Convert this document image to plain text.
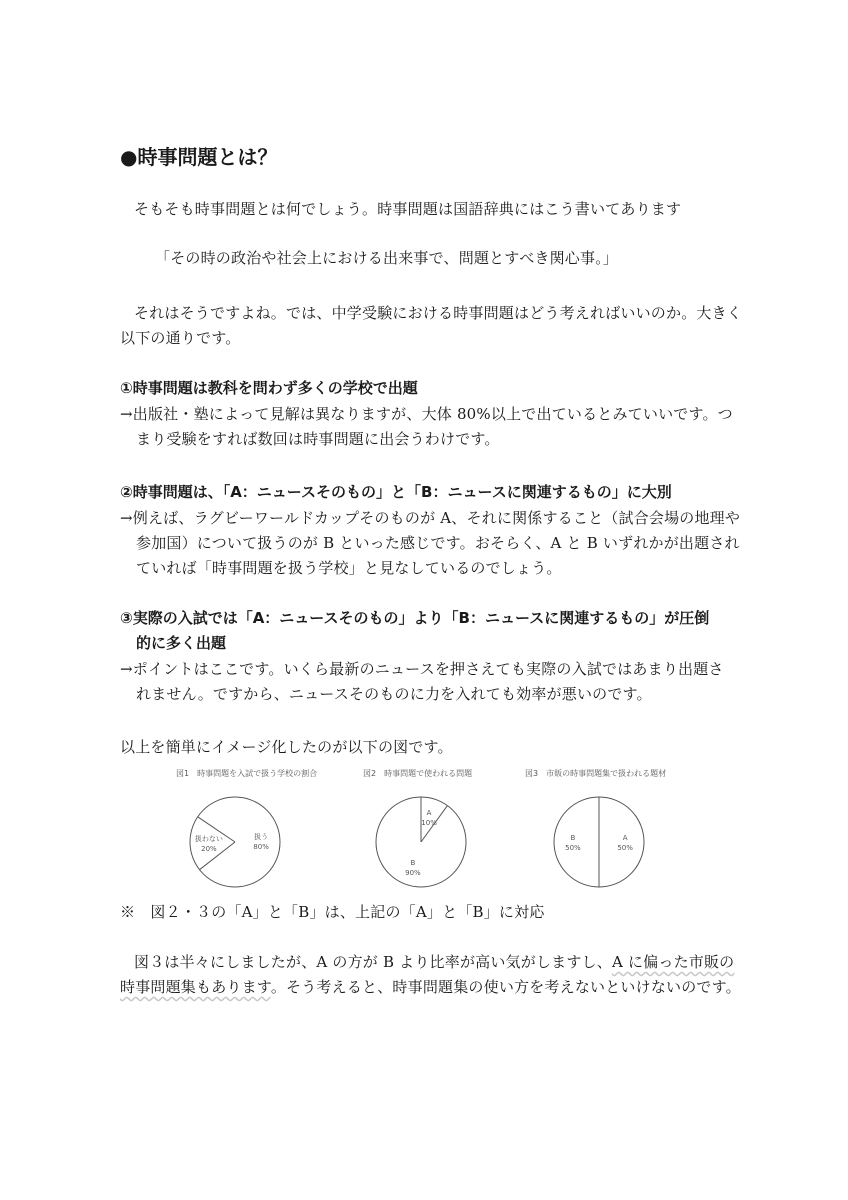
●時事問題とは？
そもそも時事問題とは何でしょう。時事問題は国語辞典にはこう書いてあります
「その時の政治や社会上における出来事で、問題とすべき関心事。」
それはそうですよね。では、中学受験における時事問題はどう考えればいいのか。大きく
以下の通りです。
①時事問題は教科を問わず多くの学校で出題
→出版社・塾によって見解は異なりますが、大体 80%以上で出ているとみていいです。つ
まり受験をすれば数回は時事問題に出会うわけです。
②時事問題は、「A：ニュースそのもの」と「B：ニュースに関連するもの」に大別
→例えば、ラグビーワールドカップそのものが A、それに関係すること（試合会場の地理や
参加国）について扱うのが B といった感じです。おそらく、A と B いずれかが出題され
ていれば「時事問題を扱う学校」と見なしているのでしょう。
③実際の入試では「A：ニュースそのもの」より「B：ニュースに関連するもの」が圧倒
的に多く出題
→ポイントはここです。いくら最新のニュースを押さえても実際の入試ではあまり出題さ
れません。ですから、ニュースそのものに力を入れても効率が悪いのです。
以上を簡単にイメージ化したのが以下の図です。
図1　時事問題を入試で扱う学校の割合	図2　時事問題で使われる問題	図3　市販の時事問題集で扱われる題材
扱う
80%
扱わない
20%
A
10%
B
90%
A
50%
B
50%
※　図２・３の「A」と「B」は、上記の「A」と「B」に対応
図３は半々にしましたが、A の方が B より比率が高い気がしますし、A に偏った市販の
時事問題集もあります。そう考えると、時事問題集の使い方を考えないといけないのです。
